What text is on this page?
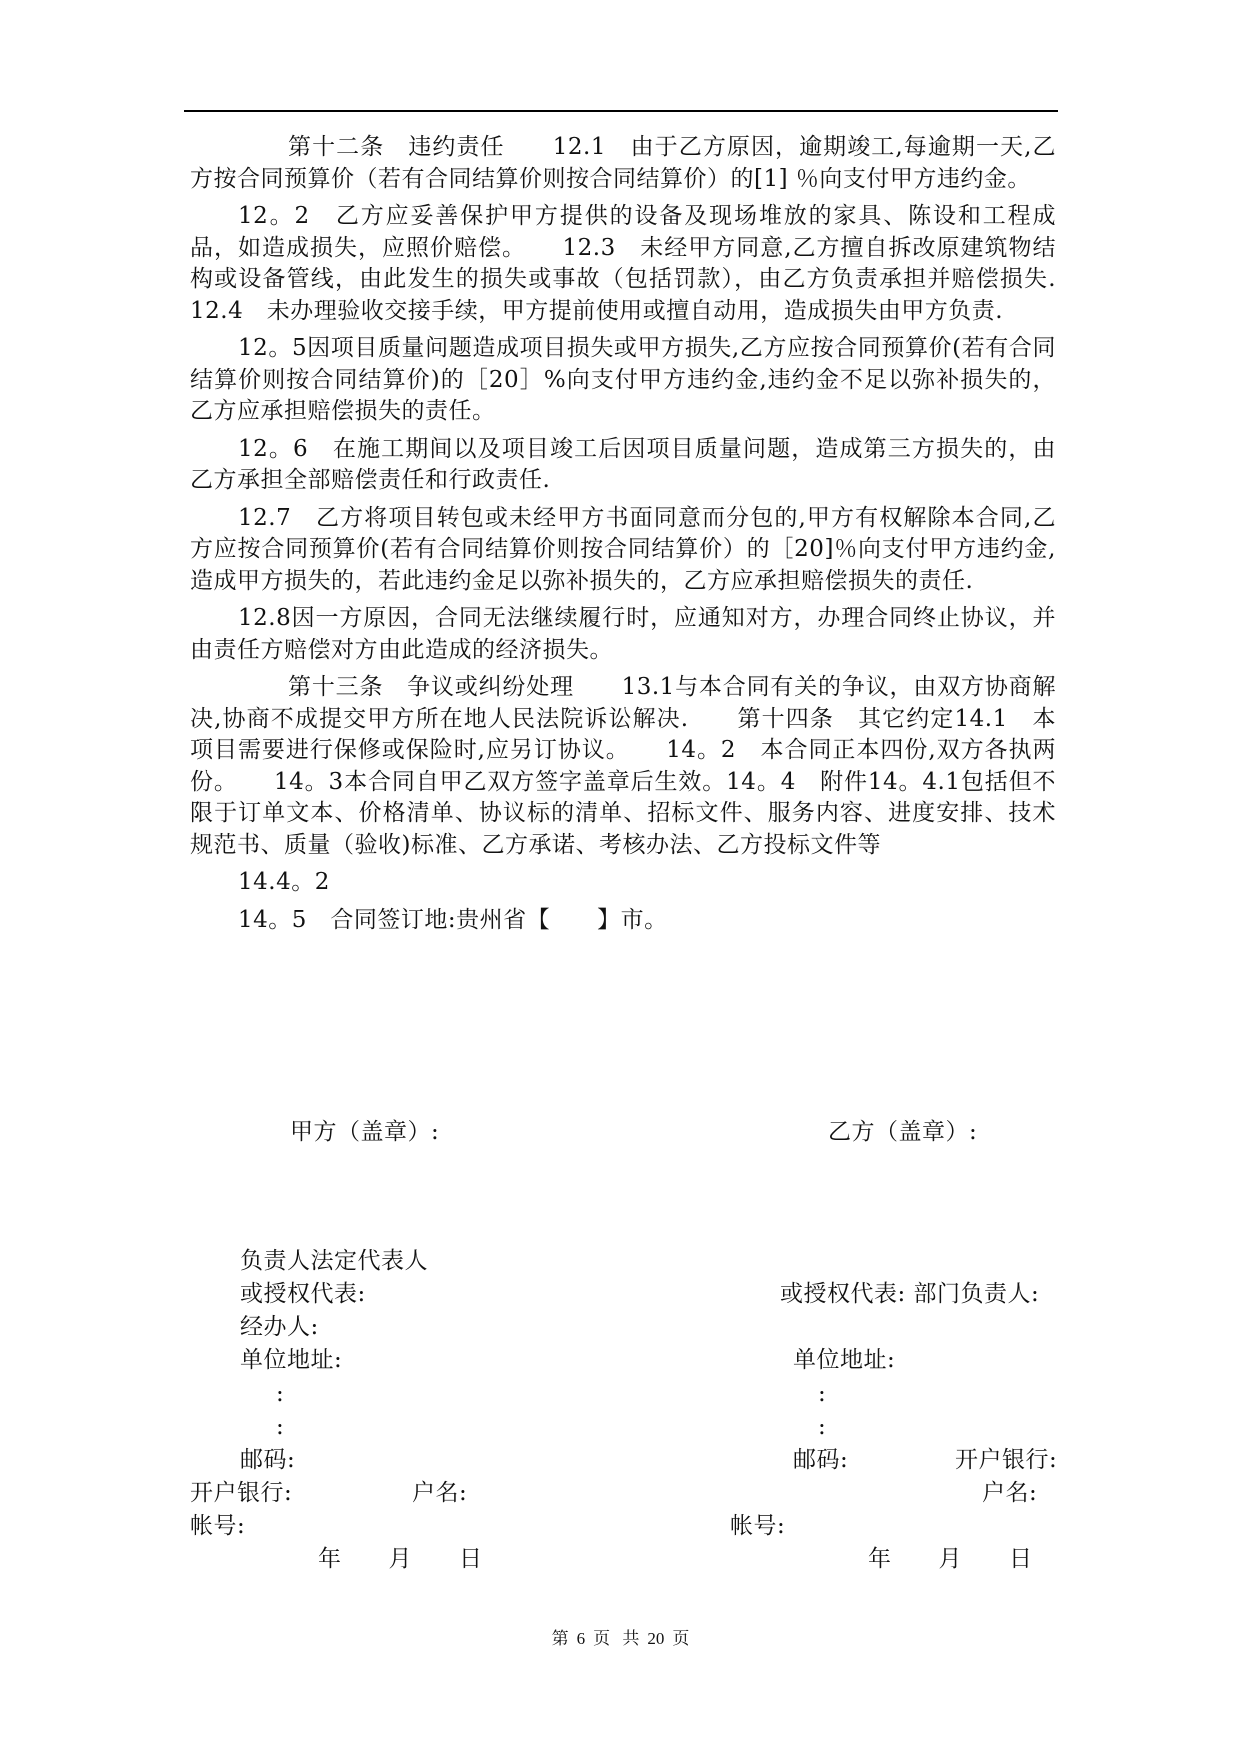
第十二条　违约责任　　12.1　由于乙方原因，逾期竣工,每逾期一天,乙方按合同预算价（若有合同结算价则按合同结算价）的[1] ％向支付甲方违约金。

12。2　乙方应妥善保护甲方提供的设备及现场堆放的家具、陈设和工程成品，如造成损失，应照价赔偿。　　12.3　未经甲方同意,乙方擅自拆改原建筑物结构或设备管线，由此发生的损失或事故（包括罚款），由乙方负责承担并赔偿损失.　　12.4　未办理验收交接手续，甲方提前使用或擅自动用，造成损失由甲方负责.

12。5因项目质量问题造成项目损失或甲方损失,乙方应按合同预算价(若有合同结算价则按合同结算价)的［20］%向支付甲方违约金,违约金不足以弥补损失的，乙方应承担赔偿损失的责任。

12。6　在施工期间以及项目竣工后因项目质量问题，造成第三方损失的，由乙方承担全部赔偿责任和行政责任.

12.7　乙方将项目转包或未经甲方书面同意而分包的,甲方有权解除本合同,乙方应按合同预算价(若有合同结算价则按合同结算价）的［20]％向支付甲方违约金,造成甲方损失的，若此违约金足以弥补损失的，乙方应承担赔偿损失的责任.

12.8因一方原因，合同无法继续履行时，应通知对方，办理合同终止协议，并由责任方赔偿对方由此造成的经济损失。

第十三条　争议或纠纷处理　　13.1与本合同有关的争议，由双方协商解决,协商不成提交甲方所在地人民法院诉讼解决.　　第十四条　其它约定14.1　本项目需要进行保修或保险时,应另订协议。　　14。2　本合同正本四份,双方各执两份。　　14。3本合同自甲乙双方签字盖章后生效。14。4　附件14。4.1包括但不限于订单文本、价格清单、协议标的清单、招标文件、服务内容、进度安排、技术规范书、质量（验收)标准、乙方承诺、考核办法、乙方投标文件等

14.4。2

14。5　合同签订地:贵州省【　　】市。

甲方（盖章）:	乙方（盖章）:
负责人法定代表人
或授权代表:	或授权代表: 部门负责人:
经办人:
单位地址:	单位地址:
:	:
:	:
邮码:	邮码:	开户银行:
开户银行:	户名:	户名:
帐号:	帐号:
年　　月　　日	年　　月　　日
第 6 页 共 20 页
